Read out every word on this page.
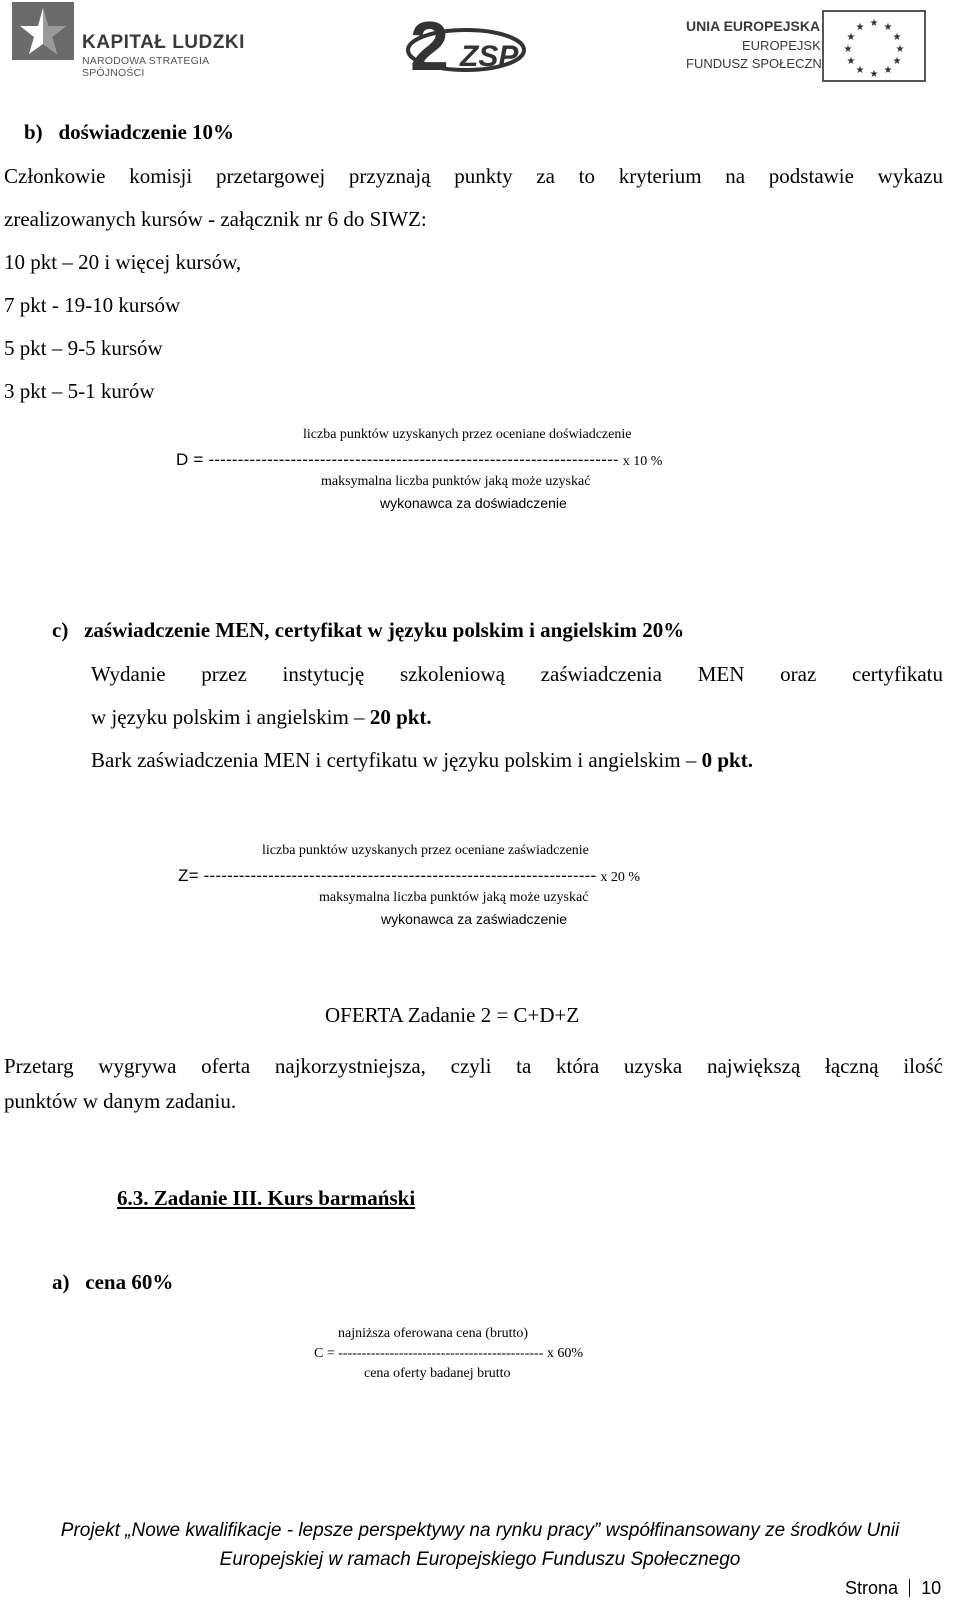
KAPITAŁ LUDZKI
NARODOWA STRATEGIA SPÓJNOŚCI	2 ZSP
UNIA EUROPEJSKA
EUROPEJSKI
FUNDUSZ SPOŁECZNY
★ ★
★
★
★
★
★
★
★
★
★
★
b) doświadczenie 10%
Członkowie komisji przetargowej przyznają punkty za to kryterium na podstawie wykazu
zrealizowanych kursów - załącznik nr 6 do SIWZ:
10 pkt – 20 i więcej kursów,
7 pkt - 19-10 kursów
5 pkt – 9-5 kursów
3 pkt – 5-1 kurów
liczba punktów uzyskanych przez oceniane doświadczenie
D = ---------------------------------------------------------------------- x 10 %
maksymalna liczba punktów jaką może uzyskać
wykonawca za doświadczenie
c) zaświadczenie MEN, certyfikat w języku polskim i angielskim 20%
Wydanie przez instytucję szkoleniową zaświadczenia MEN oraz certyfikatu
w języku polskim i angielskim – 20 pkt.
Bark zaświadczenia MEN i certyfikatu w języku polskim i angielskim – 0 pkt.
liczba punktów uzyskanych przez oceniane zaświadczenie
Z= ------------------------------------------------------------------- x 20 %
maksymalna liczba punktów jaką może uzyskać
wykonawca za zaświadczenie
OFERTA Zadanie 2 = C+D+Z
Przetarg wygrywa oferta najkorzystniejsza, czyli ta która uzyska największą łączną ilość
punktów w danym zadaniu.
6.3. Zadanie III. Kurs barmański
a) cena 60%
najniższa oferowana cena (brutto)
C = -------------------------------------------- x 60%
cena oferty badanej brutto
Projekt „Nowe kwalifikacje - lepsze perspektywy na rynku pracy” współfinansowany ze środków Unii
Europejskiej w ramach Europejskiego Funduszu Społecznego
Strona 10
